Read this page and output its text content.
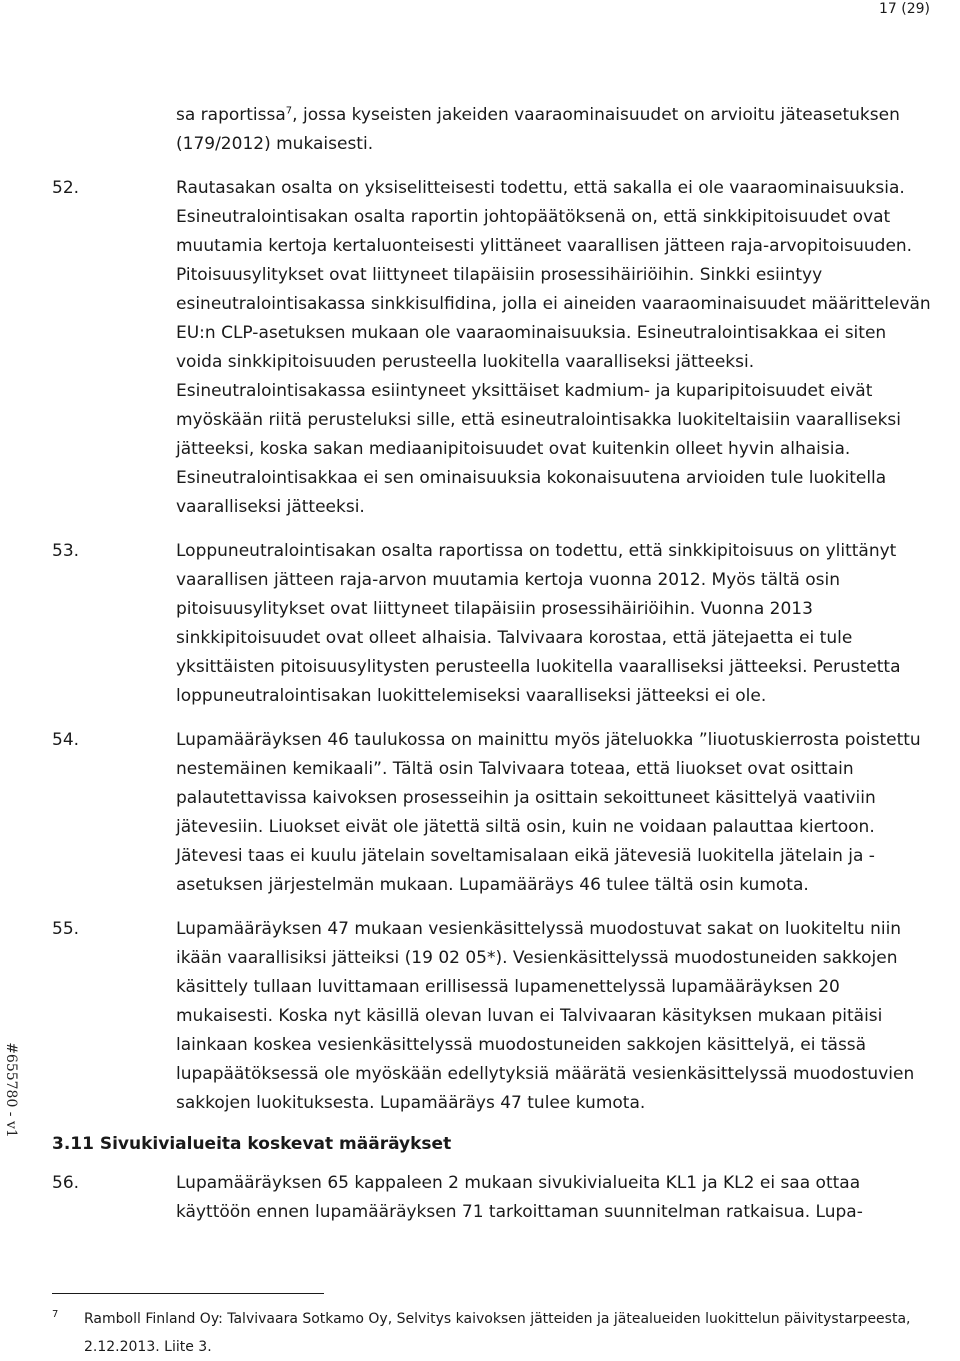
17 (29)
#655780 - v1
sa raportissa$^7$, jossa kyseisten jakeiden vaaraominaisuudet on arvioitu jäteasetuksen (179/2012) mukaisesti.
52.	Rautasakan osalta on yksiselitteisesti todettu, että sakalla ei ole vaaraominaisuuksia. Esineutralointisakan osalta raportin johtopäätöksenä on, että sinkkipitoisuudet ovat muutamia kertoja kertaluonteisesti ylittäneet vaarallisen jätteen raja-arvopitoisuuden. Pitoisuusylitykset ovat liittyneet tilapäisiin prosessihäiriöihin. Sinkki esiintyy esineutralointisakassa sinkkisulfidina, jolla ei aineiden vaaraominaisuudet määrittelevän EU:n CLP-asetuksen mukaan ole vaaraominaisuuksia. Esineutralointisakkaa ei siten voida sinkkipitoisuuden perusteella luokitella vaaralliseksi jätteeksi. Esineutralointisakassa esiintyneet yksittäiset kadmium- ja kuparipitoisuudet eivät myöskään riitä perusteluksi sille, että esineutralointisakka luokiteltaisiin vaaralliseksi jätteeksi, koska sakan mediaanipitoisuudet ovat kuitenkin olleet hyvin alhaisia. Esineutralointisakkaa ei sen ominaisuuksia kokonaisuutena arvioiden tule luokitella vaaralliseksi jätteeksi.
53.	Loppuneutralointisakan osalta raportissa on todettu, että sinkkipitoisuus on ylittänyt vaarallisen jätteen raja-arvon muutamia kertoja vuonna 2012. Myös tältä osin pitoisuusylitykset ovat liittyneet tilapäisiin prosessihäiriöihin. Vuonna 2013 sinkkipitoisuudet ovat olleet alhaisia. Talvivaara korostaa, että jätejaetta ei tule yksittäisten pitoisuusylitysten perusteella luokitella vaaralliseksi jätteeksi. Perustetta loppuneutralointisakan luokittelemiseksi vaaralliseksi jätteeksi ei ole.
54.	Lupamääräyksen 46 taulukossa on mainittu myös jäteluokka ”liuotuskierrosta poistettu nestemäinen kemikaali”. Tältä osin Talvivaara toteaa, että liuokset ovat osittain palautettavissa kaivoksen prosesseihin ja osittain sekoittuneet käsittelyä vaativiin jätevesiin. Liuokset eivät ole jätettä siltä osin, kuin ne voidaan palauttaa kiertoon. Jätevesi taas ei kuulu jätelain soveltamisalaan eikä jätevesiä luokitella jätelain ja -asetuksen järjestelmän mukaan. Lupamääräys 46 tulee tältä osin kumota.
55.	Lupamääräyksen 47 mukaan vesienkäsittelyssä muodostuvat sakat on luokiteltu niin ikään vaarallisiksi jätteiksi (19 02 05*). Vesienkäsittelyssä muodostuneiden sakkojen käsittely tullaan luvittamaan erillisessä lupamenettelyssä lupamääräyksen 20 mukaisesti. Koska nyt käsillä olevan luvan ei Talvivaaran käsityksen mukaan pitäisi lainkaan koskea vesienkäsittelyssä muodostuneiden sakkojen käsittelyä, ei tässä lupapäätöksessä ole myöskään edellytyksiä määrätä vesienkäsittelyssä muodostuvien sakkojen luokituksesta. Lupamääräys 47 tulee kumota.
3.11 Sivukivialueita koskevat määräykset
56.	Lupamääräyksen 65 kappaleen 2 mukaan sivukivialueita KL1 ja KL2 ei saa ottaa käyttöön ennen lupamääräyksen 71 tarkoittaman suunnitelman ratkaisua. Lupa-
7	Ramboll Finland Oy: Talvivaara Sotkamo Oy, Selvitys kaivoksen jätteiden ja jätealueiden luokittelun päivitystarpeesta, 2.12.2013. Liite 3.
